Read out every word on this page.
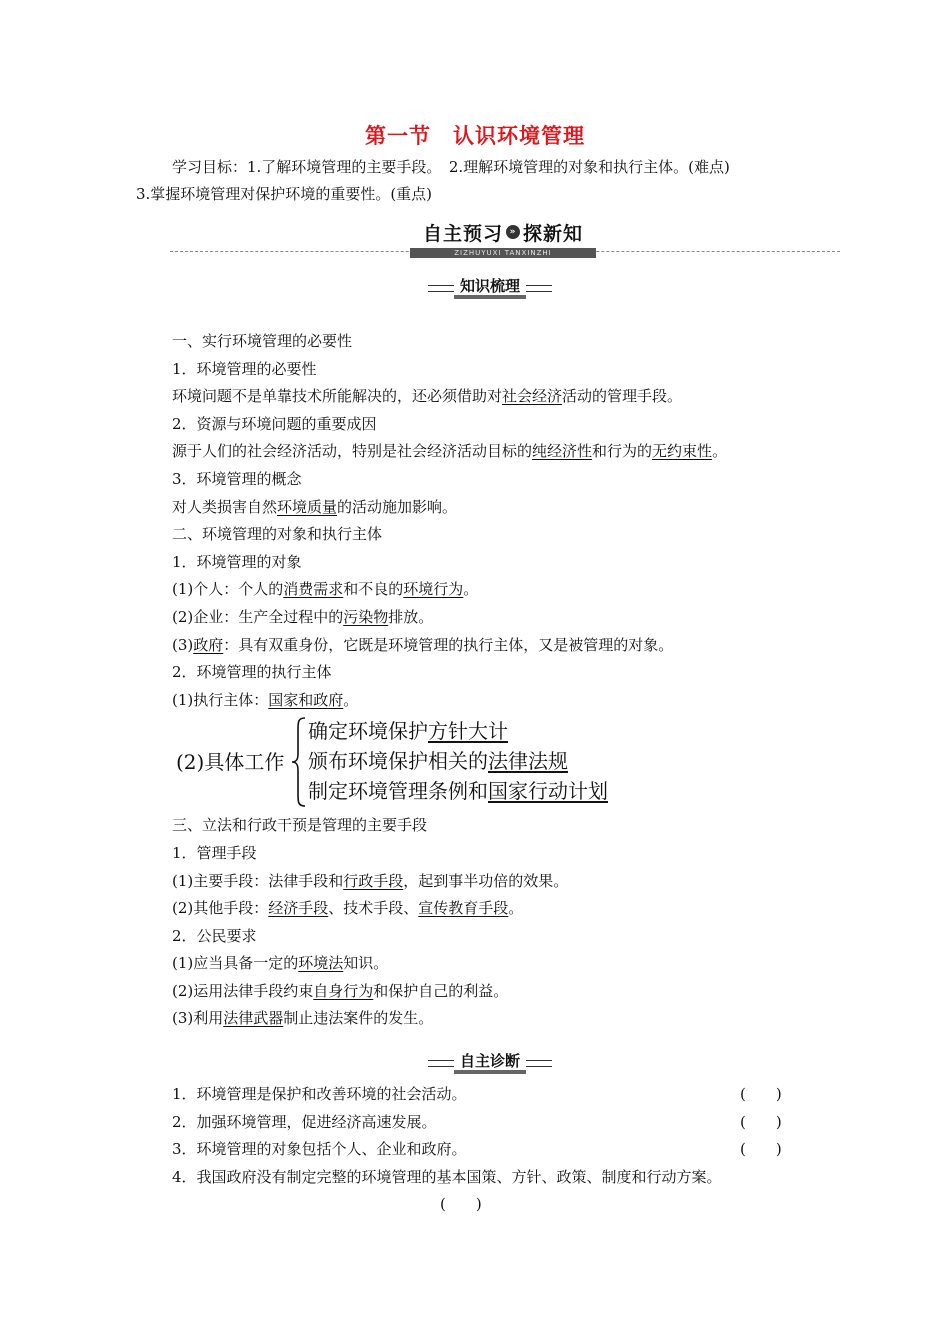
第一节　认识环境管理
学习目标：1.了解环境管理的主要手段。　2.理解环境管理的对象和执行主体。(难点)
3.掌握环境管理对保护环境的重要性。(重点)
自主预习 » 探新知
ZIZHUYUXI TANXINZHI
知识梳理

一、实行环境管理的必要性

1．环境管理的必要性

环境问题不是单靠技术所能解决的，还必须借助对社会经济活动的管理手段。

2．资源与环境问题的重要成因

源于人们的社会经济活动，特别是社会经济活动目标的纯经济性和行为的无约束性。

3．环境管理的概念

对人类损害自然环境质量的活动施加影响。

二、环境管理的对象和执行主体

1．环境管理的对象

(1)个人：个人的消费需求和不良的环境行为。

(2)企业：生产全过程中的污染物排放。

(3)政府：具有双重身份，它既是环境管理的执行主体，又是被管理的对象。

2．环境管理的执行主体

(1)执行主体：国家和政府。

(2)具体工作
确定环境保护方针大计
颁布环境保护相关的法律法规
制定环境管理条例和国家行动计划

三、立法和行政干预是管理的主要手段

1．管理手段

(1)主要手段：法律手段和行政手段，起到事半功倍的效果。

(2)其他手段：经济手段、技术手段、宣传教育手段。

2．公民要求

(1)应当具备一定的环境法知识。

(2)运用法律手段约束自身行为和保护自己的利益。

(3)利用法律武器制止违法案件的发生。

自主诊断

1．环境管理是保护和改善环境的社会活动。	(　　)

2．加强环境管理，促进经济高速发展。	(　　)

3．环境管理的对象包括个人、企业和政府。	(　　)

4．我国政府没有制定完整的环境管理的基本国策、方针、政策、制度和行动方案。

(　　)
